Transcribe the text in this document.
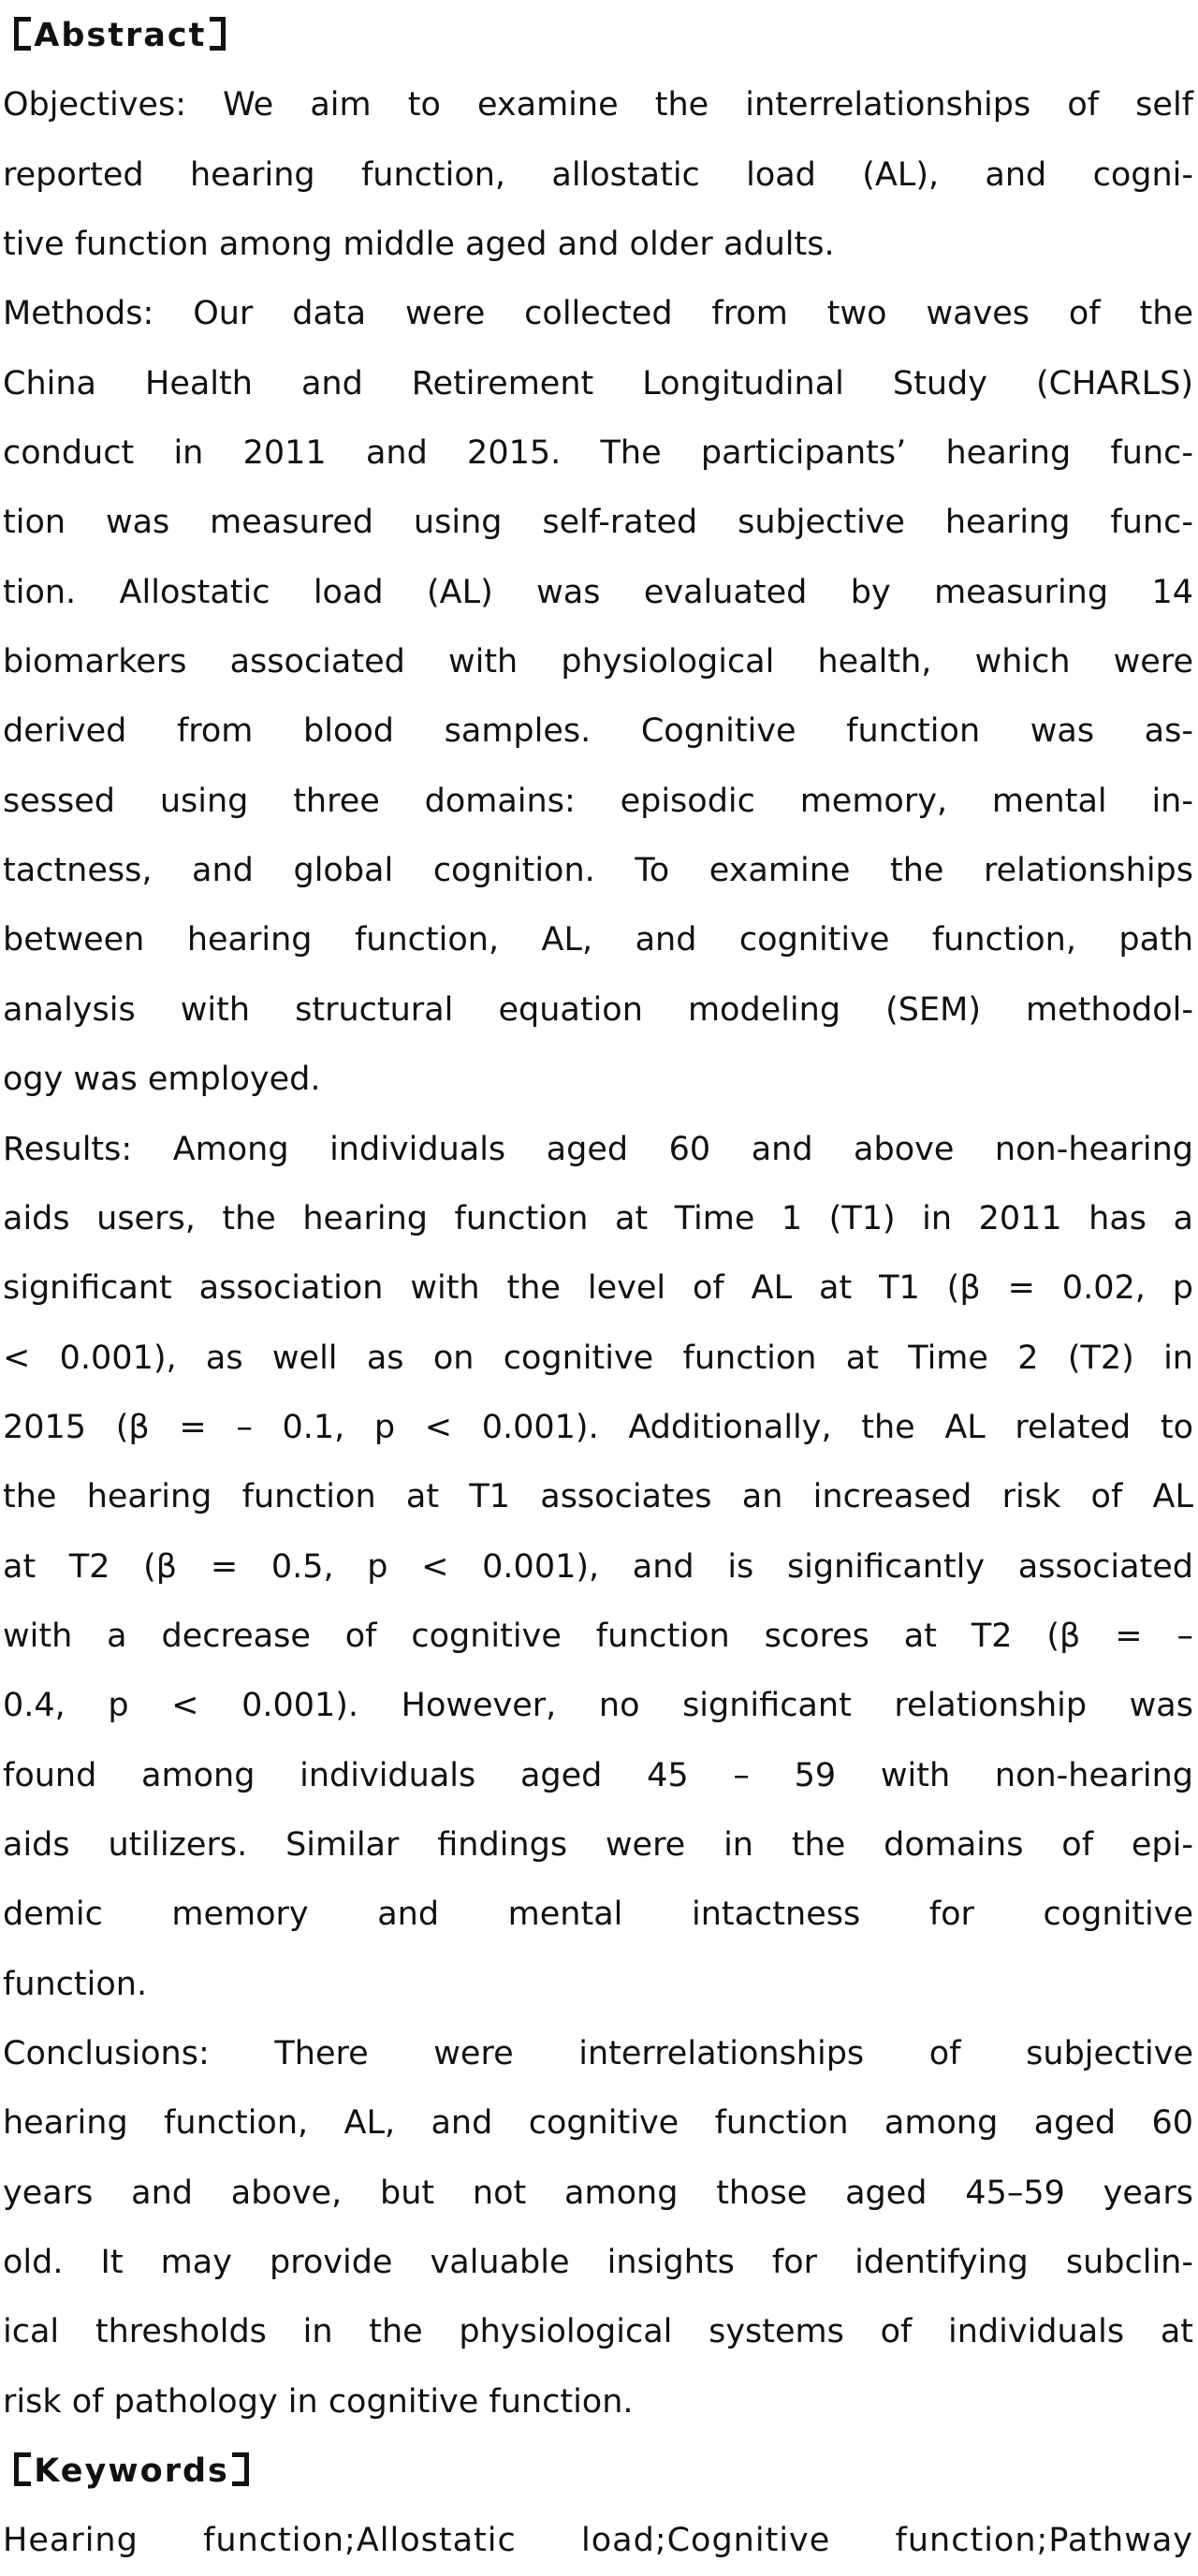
Abstract
Objectives: We aim to examine the interrelationships of self
reported hearing function, allostatic load (AL), and cogni-
tive function among middle aged and older adults.
Methods: Our data were collected from two waves of the
China Health and Retirement Longitudinal Study (CHARLS)
conduct in 2011 and 2015. The participants’ hearing func-
tion was measured using self-rated subjective hearing func-
tion. Allostatic load (AL) was evaluated by measuring 14
biomarkers associated with physiological health, which were
derived from blood samples. Cognitive function was as-
sessed using three domains: episodic memory, mental in-
tactness, and global cognition. To examine the relationships
between hearing function, AL, and cognitive function, path
analysis with structural equation modeling (SEM) methodol-
ogy was employed.
Results: Among individuals aged 60 and above non-hearing
aids users, the hearing function at Time 1 (T1) in 2011 has a
significant association with the level of AL at T1 (β = 0.02, p
< 0.001), as well as on cognitive function at Time 2 (T2) in
2015 (β = – 0.1, p < 0.001). Additionally, the AL related to
the hearing function at T1 associates an increased risk of AL
at T2 (β = 0.5, p < 0.001), and is significantly associated
with a decrease of cognitive function scores at T2 (β = –
0.4, p < 0.001). However, no significant relationship was
found among individuals aged 45 – 59 with non-hearing
aids utilizers. Similar findings were in the domains of epi-
demic memory and mental intactness for cognitive
function.
Conclusions: There were interrelationships of subjective
hearing function, AL, and cognitive function among aged 60
years and above, but not among those aged 45–59 years
old. It may provide valuable insights for identifying subclin-
ical thresholds in the physiological systems of individuals at
risk of pathology in cognitive function.
Keywords
Hearing function;Allostatic load;Cognitive function;Pathway
